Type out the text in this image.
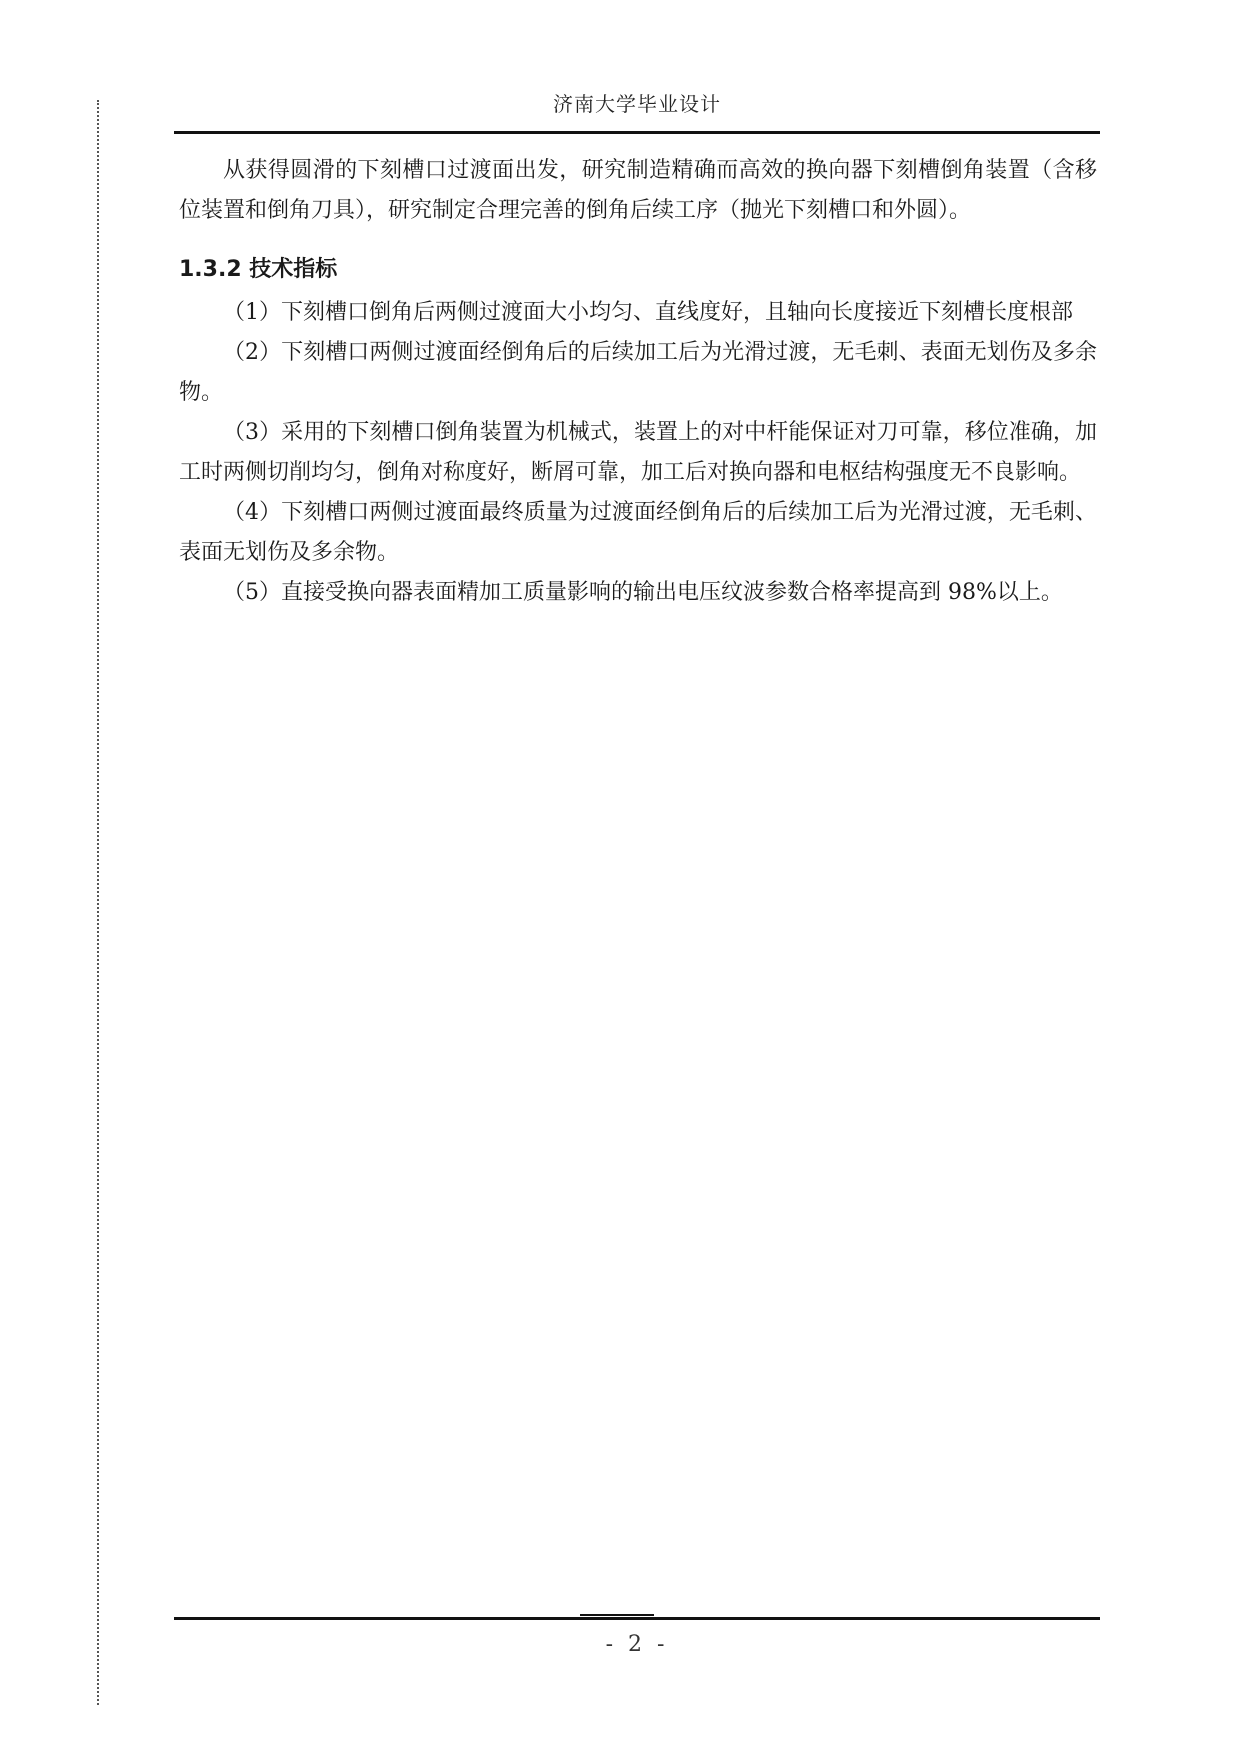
济南大学毕业设计

从获得圆滑的下刻槽口过渡面出发，研究制造精确而高效的换向器下刻槽倒角装置（含移位装置和倒角刀具），研究制定合理完善的倒角后续工序（抛光下刻槽口和外圆）。

1.3.2 技术指标

（1）下刻槽口倒角后两侧过渡面大小均匀、直线度好，且轴向长度接近下刻槽长度根部

（2）下刻槽口两侧过渡面经倒角后的后续加工后为光滑过渡，无毛刺、表面无划伤及多余物。

（3）采用的下刻槽口倒角装置为机械式，装置上的对中杆能保证对刀可靠，移位准确，加工时两侧切削均匀，倒角对称度好，断屑可靠，加工后对换向器和电枢结构强度无不良影响。

（4）下刻槽口两侧过渡面最终质量为过渡面经倒角后的后续加工后为光滑过渡，无毛刺、表面无划伤及多余物。

（5）直接受换向器表面精加工质量影响的输出电压纹波参数合格率提高到 98%以上。

- 2 -
